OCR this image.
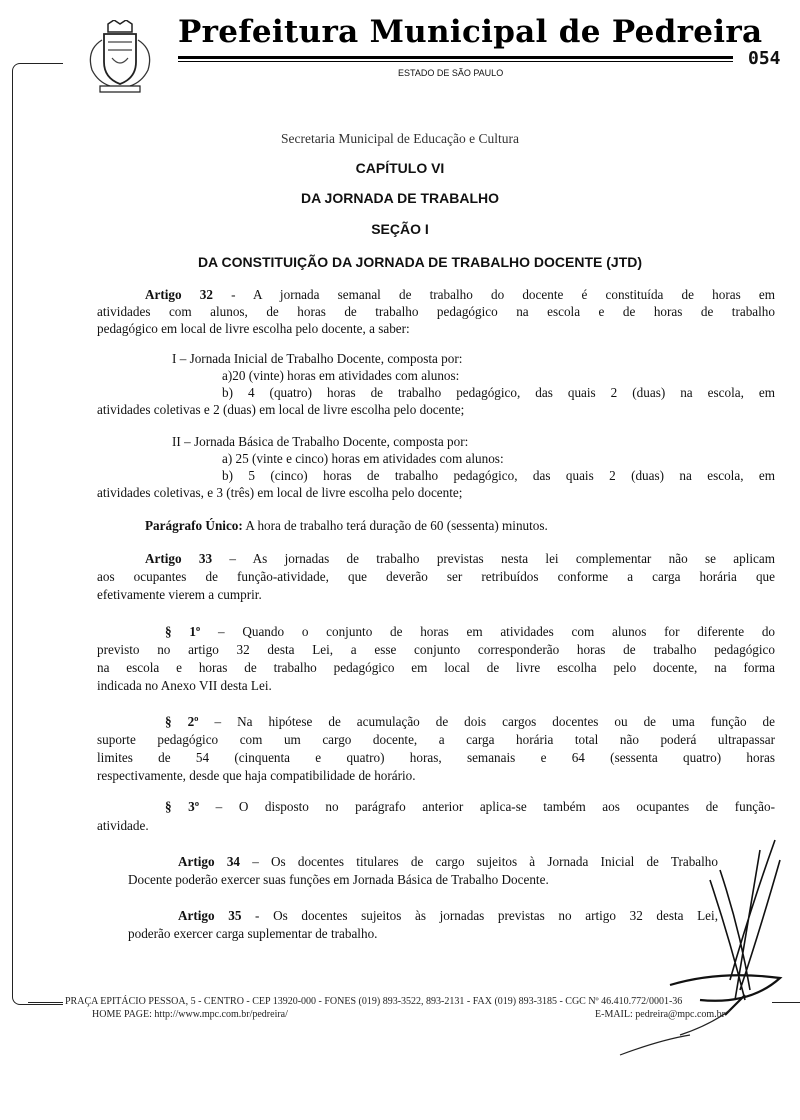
Prefeitura Municipal de Pedreira
ESTADO DE SÃO PAULO
054
Secretaria Municipal de Educação e Cultura
CAPÍTULO VI
DA JORNADA DE TRABALHO
SEÇÃO I
DA CONSTITUIÇÃO DA JORNADA DE TRABALHO DOCENTE (JTD)
Artigo 32 - A jornada semanal de trabalho do docente é constituída de horas em
atividades com alunos, de horas de trabalho pedagógico na escola e de horas de trabalho
pedagógico em local de livre escolha pelo docente, a saber:
I – Jornada Inicial de Trabalho Docente, composta por:
a)20 (vinte) horas em atividades com alunos:
b) 4 (quatro) horas de trabalho pedagógico, das quais 2 (duas) na escola, em
atividades coletivas e 2 (duas) em local de livre escolha pelo docente;
II – Jornada Básica de Trabalho Docente, composta por:
a) 25 (vinte e cinco) horas em atividades com alunos:
b) 5 (cinco) horas de trabalho pedagógico, das quais 2 (duas) na escola, em
atividades coletivas, e 3 (três) em local de livre escolha pelo docente;
Parágrafo Único: A hora de trabalho terá duração de 60 (sessenta) minutos.
Artigo 33 – As jornadas de trabalho previstas nesta lei complementar não se aplicam
aos ocupantes de função-atividade, que deverão ser retribuídos conforme a carga horária que
efetivamente vierem a cumprir.
§ 1º – Quando o conjunto de horas em atividades com alunos for diferente do
previsto no artigo 32 desta Lei, a esse conjunto corresponderão horas de trabalho pedagógico
na escola e horas de trabalho pedagógico em local de livre escolha pelo docente, na forma
indicada no Anexo VII desta Lei.
§ 2º – Na hipótese de acumulação de dois cargos docentes ou de uma função de
suporte pedagógico com um cargo docente, a carga horária total não poderá ultrapassar
limites de 54 (cinquenta e quatro) horas, semanais e 64 (sessenta quatro) horas
respectivamente, desde que haja compatibilidade de horário.
§ 3º – O disposto no parágrafo anterior aplica-se também aos ocupantes de função-
atividade.
Artigo 34 – Os docentes titulares de cargo sujeitos à Jornada Inicial de Trabalho
Docente poderão exercer suas funções em Jornada Básica de Trabalho Docente.
Artigo 35 - Os docentes sujeitos às jornadas previstas no artigo 32 desta Lei,
poderão exercer carga suplementar de trabalho.
PRAÇA EPITÁCIO PESSOA, 5 - CENTRO - CEP 13920-000 - FONES (019) 893-3522, 893-2131 - FAX (019) 893-3185 - CGC Nº 46.410.772/0001-36
HOME PAGE: http://www.mpc.com.br/pedreira/	E-MAIL: pedreira@mpc.com.br
